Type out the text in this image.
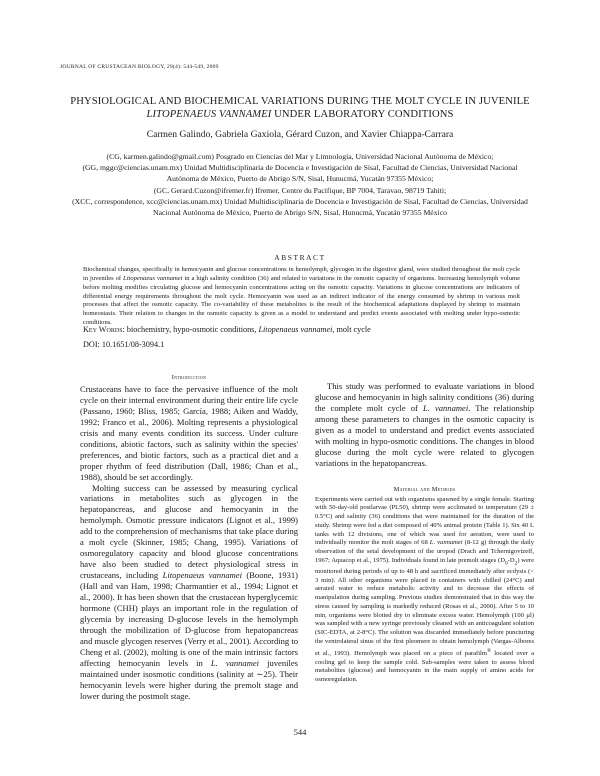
JOURNAL OF CRUSTACEAN BIOLOGY, 29(4): 544-549, 2009
PHYSIOLOGICAL AND BIOCHEMICAL VARIATIONS DURING THE MOLT CYCLE IN JUVENILE
LITOPENAEUS VANNAMEI UNDER LABORATORY CONDITIONS
Carmen Galindo, Gabriela Gaxiola, Gérard Cuzon, and Xavier Chiappa-Carrara
(CG, karmen.galindo@gmail.com) Posgrado en Ciencias del Mar y Limnología, Universidad Nacional Autónoma de México;
(GG, mggc@ciencias.unam.mx) Unidad Multidisciplinaria de Docencia e Investigación de Sisal, Facultad de Ciencias, Universidad Nacional Autónoma de México, Puerto de Abrigo S/N, Sisal, Hunucmá, Yucatán 97355 México;
(GC, Gerard.Cuzon@ifremer.fr) Ifremer, Centre du Pacifique, BP 7004, Taravao, 98719 Tahiti;
(XCC, correspondence, xcc@ciencias.unam.mx) Unidad Multidisciplinaria de Docencia e Investigación de Sisal, Facultad de Ciencias, Universidad Nacional Autónoma de México, Puerto de Abrigo S/N, Sisal, Hunucmá, Yucatán 97355 México
ABSTRACT

Biochemical changes, specifically in hemocyanin and glucose concentrations in hemolymph, glycogen in the digestive gland, were studied throughout the molt cycle in juveniles of Litopenaeus vannamei in a high salinity condition (36) and related to variations in the osmotic capacity of organisms. Increasing hemolymph volume before molting modifies circulating glucose and hemocyanin concentrations acting on the osmotic capacity. Variations in glucose concentrations are indicators of differential energy requirements throughout the molt cycle. Hemocyanin was used as an indirect indicator of the energy consumed by shrimp in various molt processes that affect the osmotic capacity. The co-variability of these metabolites is the result of the biochemical adaptations displayed by shrimp to maintain homeostasis. Their relation to changes in the osmotic capacity is given as a model to understand and predict events associated with molting under hypo-osmotic conditions.

Key Words: biochemistry, hypo-osmotic conditions, Litopenaeus vannamei, molt cycle
DOI: 10.1651/08-3094.1

Introduction

Crustaceans have to face the pervasive influence of the molt cycle on their internal environment during their entire life cycle (Passano, 1960; Bliss, 1985; García, 1988; Aiken and Waddy, 1992; Franco et al., 2006). Molting represents a physiological crisis and many events condition its success. Under culture conditions, abiotic factors, such as salinity within the species' preferences, and biotic factors, such as a practical diet and a proper rhythm of feed distribution (Dall, 1986; Chan et al., 1988), should be set accordingly.

Molting success can be assessed by measuring cyclical variations in metabolites such as glycogen in the hepatopancreas, and glucose and hemocyanin in the hemolymph. Osmotic pressure indicators (Lignot et al., 1999) add to the comprehension of mechanisms that take place during a molt cycle (Skinner, 1985; Chang, 1995). Variations of osmoregulatory capacity and blood glucose concentrations have also been studied to detect physiological stress in crustaceans, including Litopenaeus vannamei (Boone, 1931) (Hall and van Ham, 1998; Charmantier et al., 1994; Lignot et al., 2000). It has been shown that the crustacean hyperglycemic hormone (CHH) plays an important role in the regulation of glycemia by increasing D-glucose levels in the hemolymph through the mobilization of D-glucose from hepatopancreas and muscle glycogen reserves (Verry et al., 2001). According to Cheng et al. (2002), molting is one of the main intrinsic factors affecting hemocyanin levels in L. vannamei juveniles maintained under isosmotic conditions (salinity at ∼25). Their hemocyanin levels were higher during the premolt stage and lower during the postmolt stage.

This study was performed to evaluate variations in blood glucose and hemocyanin in high salinity conditions (36) during the complete molt cycle of L. vannamei. The relationship among these parameters to changes in the osmotic capacity is given as a model to understand and predict events associated with molting in hypo-osmotic conditions. The changes in blood glucose during the molt cycle were related to glycogen variations in the hepatopancreas.

Material and Methods

Experiments were carried out with organisms spawned by a single female. Starting with 50-day-old postlarvae (PL50), shrimp were acclimated to temperature (29 ± 0.5°C) and salinity (36) conditions that were maintained for the duration of the study. Shrimp were fed a diet composed of 40% animal protein (Table 1). Six 40 L tanks with 12 divisions, one of which was used for aeration, were used to individually monitor the molt stages of 68 L. vannamei (8-12 g) through the daily observation of the setal development of the uropod (Drach and Tchernigovtzeff, 1967; Aquacop et al., 1975). Individuals found in late premolt stages $(D_0-D_2)$ were monitored during periods of up to 48 h and sacrificed immediately after ecdysis (< 3 min). All other organisms were placed in containers with chilled (24°C) and aerated water to reduce metabolic activity and to decrease the effects of manipulation during sampling. Previous studies demonstrated that in this way the stress caused by sampling is markedly reduced (Rosas et al., 2000). After 5 to 10 min, organisms were blotted dry to eliminate excess water. Hemolymph (100 µl) was sampled with a new syringe previously cleaned with an anticoagulant solution (SIC-EDTA, at 2-8°C). The solution was discarded immediately before puncturing the ventrolateral sinus of the first pleomere to obtain hemolymph (Vargas-Albores et al., 1993). Hemolymph was placed on a piece of parafilm® located over a cooling gel to keep the sample cold. Sub-samples were taken to assess blood metabolites (glucose) and hemocyanin in the main supply of amino acids for osmoregulation.

544
